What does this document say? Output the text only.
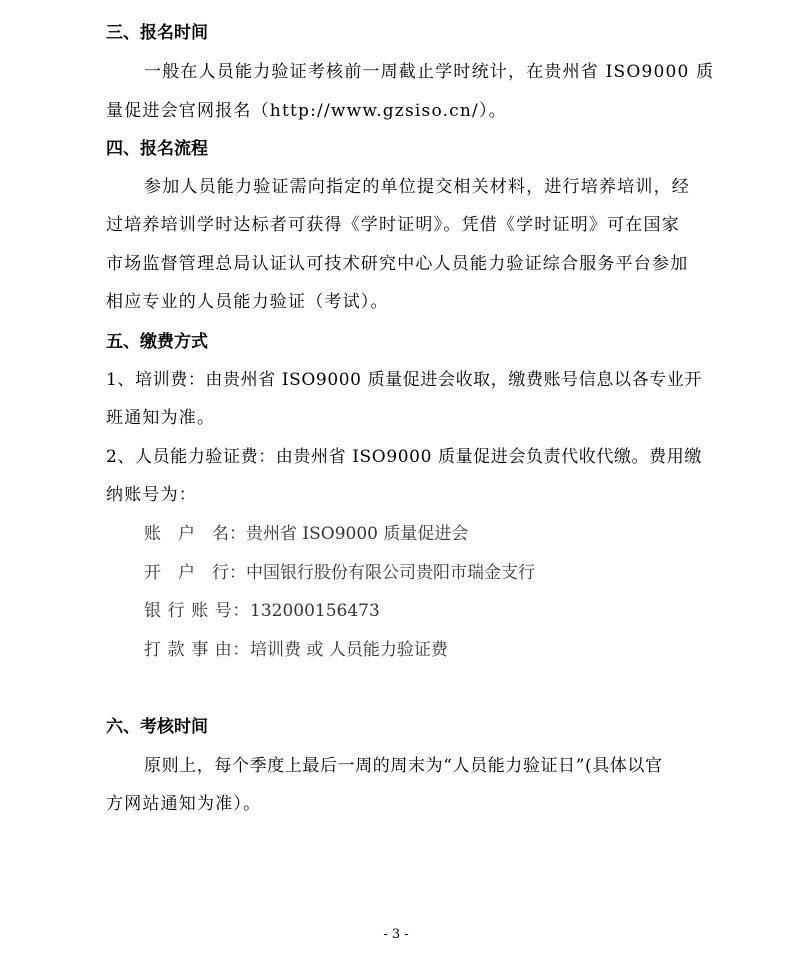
三、报名时间
一般在人员能力验证考核前一周截止学时统计，在贵州省 ISO9000 质
量促进会官网报名（http://www.gzsiso.cn/）。
四、报名流程
参加人员能力验证需向指定的单位提交相关材料，进行培养培训，经
过培养培训学时达标者可获得《学时证明》。凭借《学时证明》可在国家
市场监督管理总局认证认可技术研究中心人员能力验证综合服务平台参加
相应专业的人员能力验证（考试）。
五、缴费方式
1、培训费：由贵州省 ISO9000 质量促进会收取，缴费账号信息以各专业开
班通知为准。
2、人员能力验证费：由贵州省 ISO9000 质量促进会负责代收代缴。费用缴
纳账号为：
账　户　名：贵州省 ISO9000 质量促进会
开　户　行：中国银行股份有限公司贵阳市瑞金支行
银 行 账 号：132000156473
打 款 事 由：培训费 或 人员能力验证费
六、考核时间
原则上，每个季度上最后一周的周末为“人员能力验证日”(具体以官
方网站通知为准）。
- 3 -
